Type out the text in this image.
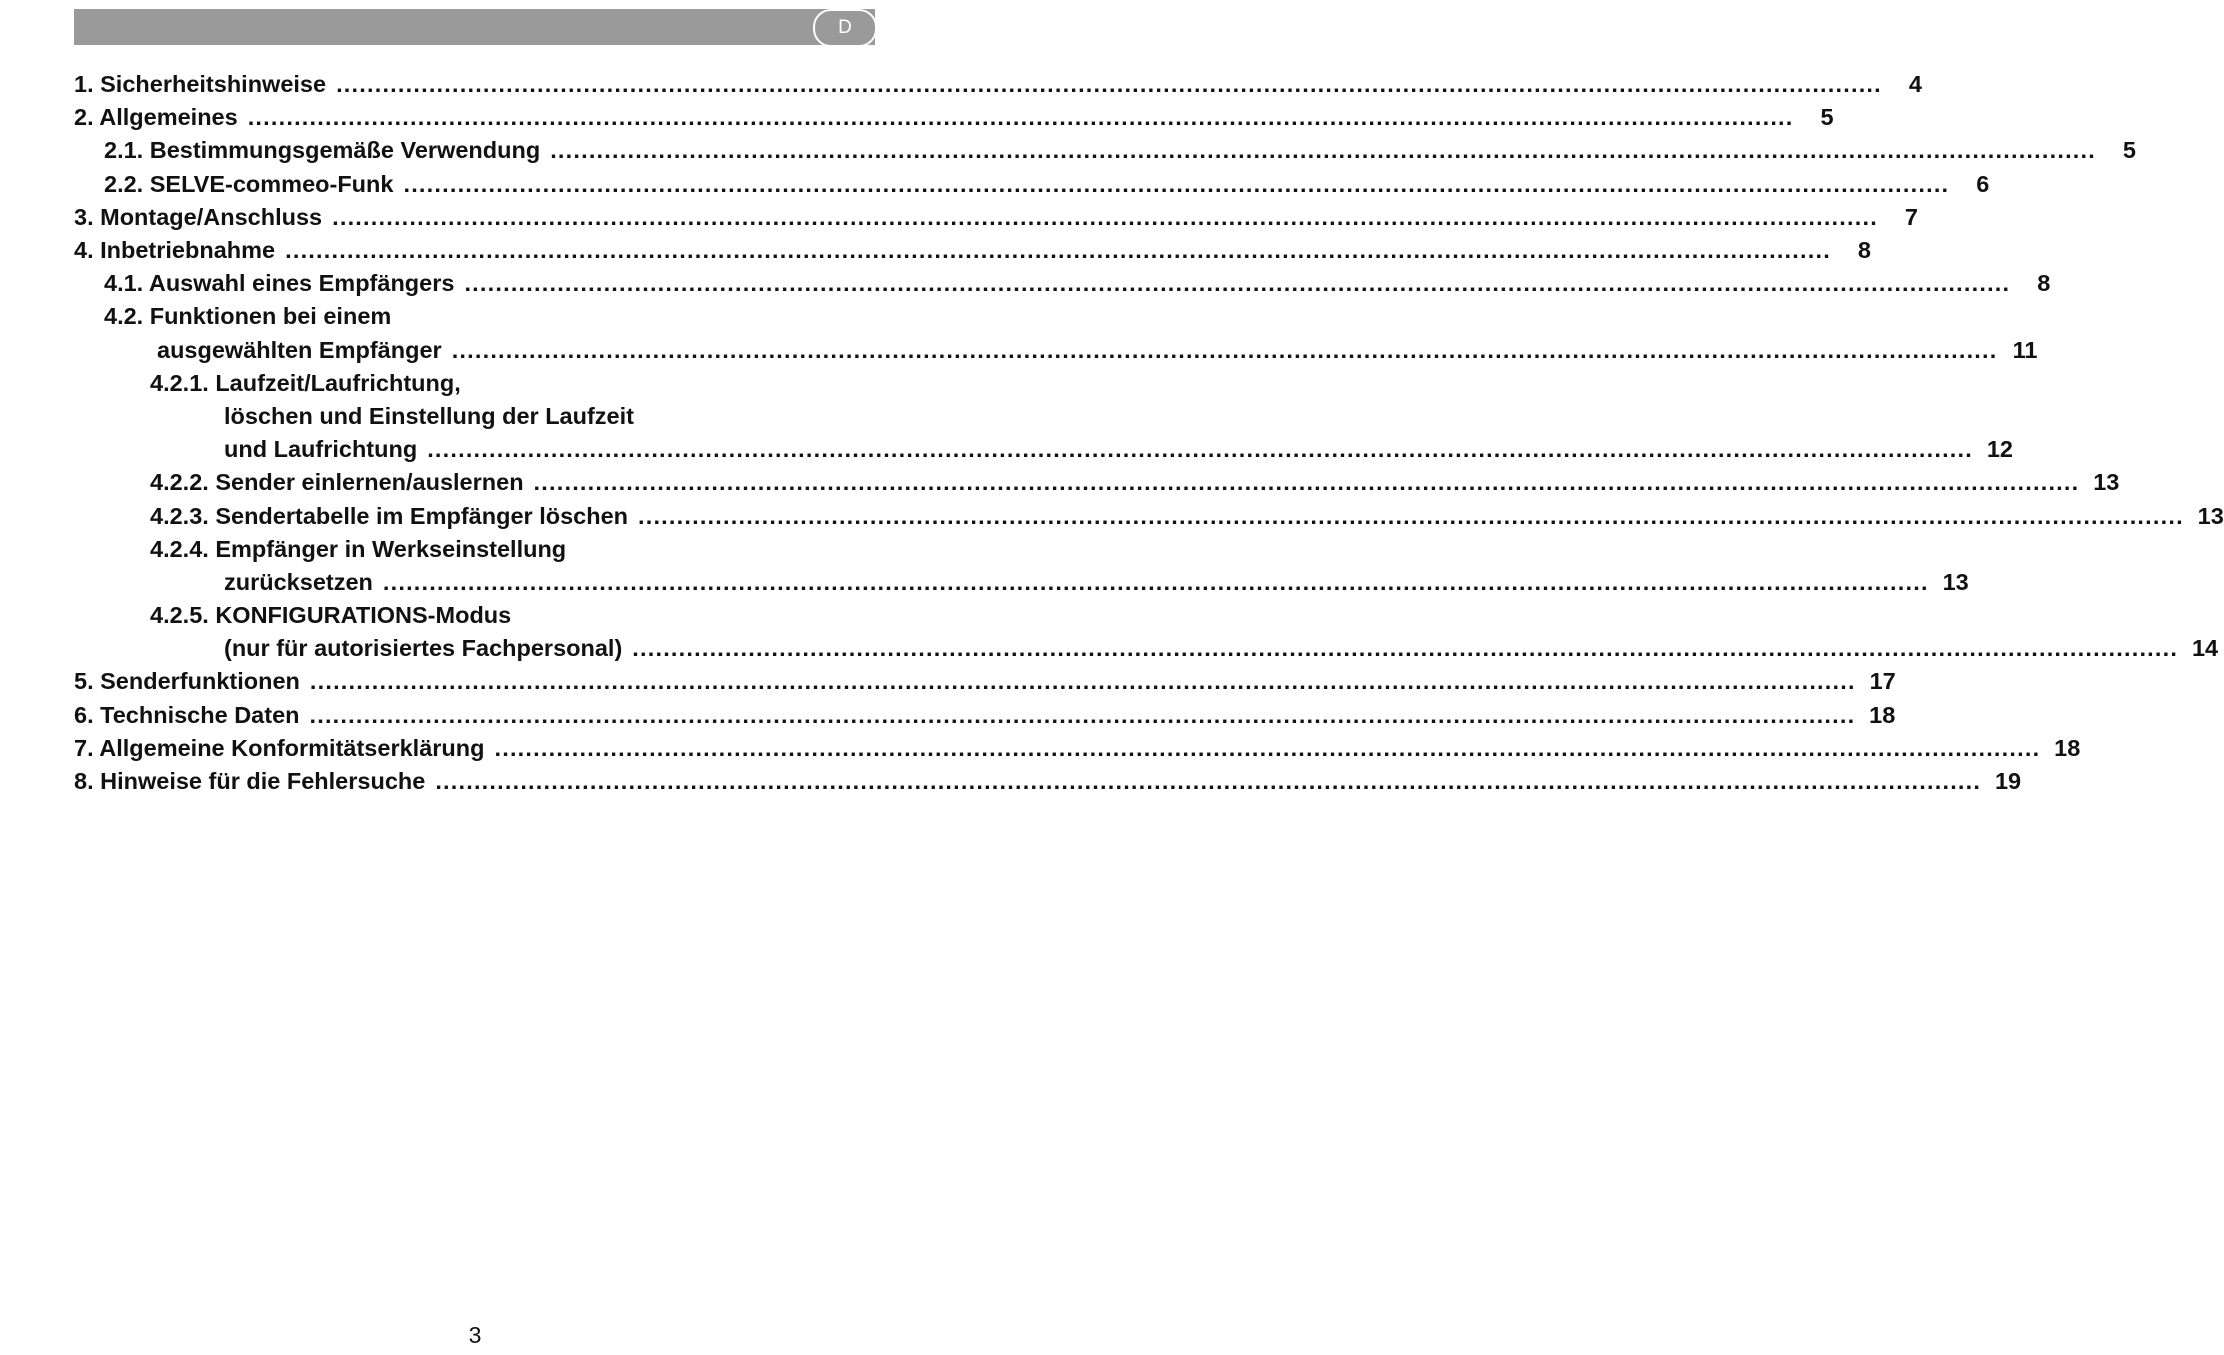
D
1. Sicherheitshinweise ........................................................................................................................................................................................................	4
2. Allgemeines ........................................................................................................................................................................................................	5
2.1. Bestimmungsgemäße Verwendung ........................................................................................................................................................................................................	5
2.2. SELVE-commeo-Funk ........................................................................................................................................................................................................	6
3. Montage/Anschluss ........................................................................................................................................................................................................	7
4. Inbetriebnahme ........................................................................................................................................................................................................	8
4.1. Auswahl eines Empfängers ........................................................................................................................................................................................................	8
4.2. Funktionen bei einem
ausgewählten Empfänger ........................................................................................................................................................................................................ 11
4.2.1. Laufzeit/Laufrichtung,
löschen und Einstellung der Laufzeit
und Laufrichtung ........................................................................................................................................................................................................ 12
4.2.2. Sender einlernen/auslernen ........................................................................................................................................................................................................ 13
4.2.3. Sendertabelle im Empfänger löschen ........................................................................................................................................................................................................ 13
4.2.4. Empfänger in Werkseinstellung
zurücksetzen ........................................................................................................................................................................................................ 13
4.2.5. KONFIGURATIONS-Modus
(nur für autorisiertes Fachpersonal) ........................................................................................................................................................................................................ 14
5. Senderfunktionen ........................................................................................................................................................................................................ 17
6. Technische Daten ........................................................................................................................................................................................................ 18
7. Allgemeine Konformitätserklärung ........................................................................................................................................................................................................ 18
8. Hinweise für die Fehlersuche ........................................................................................................................................................................................................ 19
3
